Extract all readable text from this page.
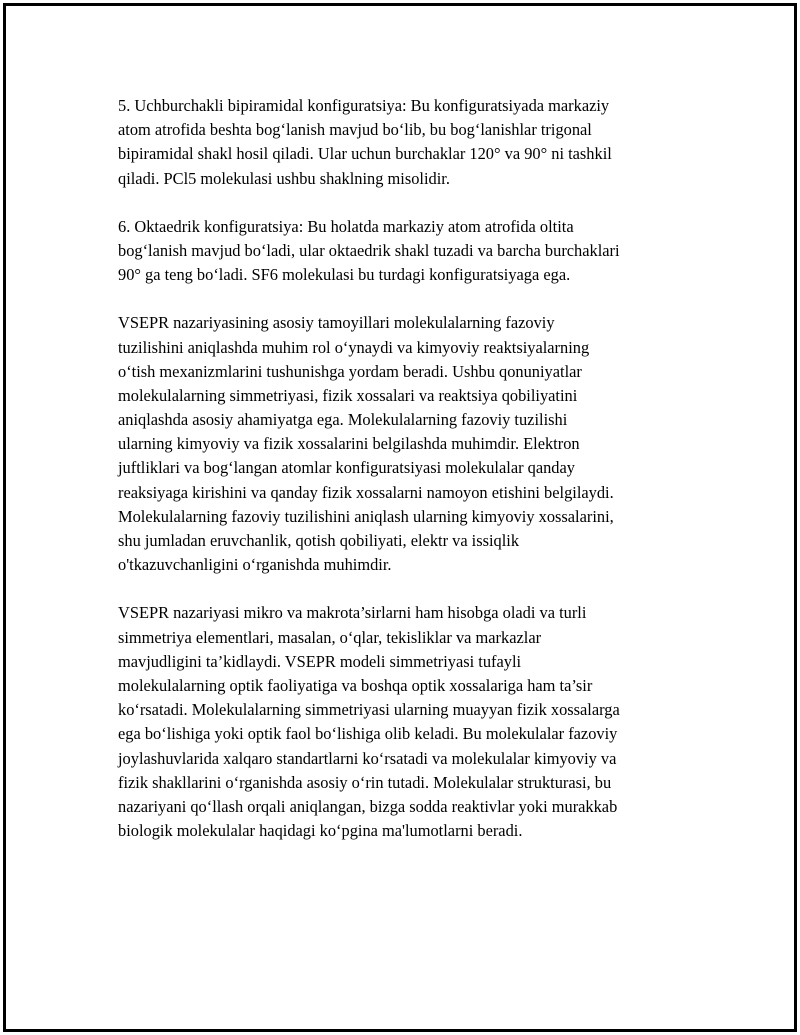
5. Uchburchakli bipiramidal konfiguratsiya: Bu konfiguratsiyada markaziy
atom atrofida beshta bog‘lanish mavjud bo‘lib, bu bog‘lanishlar trigonal
bipiramidal shakl hosil qiladi. Ular uchun burchaklar 120° va 90° ni tashkil
qiladi. PCl5 molekulasi ushbu shaklning misolidir.

6. Oktaedrik konfiguratsiya: Bu holatda markaziy atom atrofida oltita
bog‘lanish mavjud bo‘ladi, ular oktaedrik shakl tuzadi va barcha burchaklari
90° ga teng bo‘ladi. SF6 molekulasi bu turdagi konfiguratsiyaga ega.

VSEPR nazariyasining asosiy tamoyillari molekulalarning fazoviy
tuzilishini aniqlashda muhim rol o‘ynaydi va kimyoviy reaktsiyalarning
o‘tish mexanizmlarini tushunishga yordam beradi. Ushbu qonuniyatlar
molekulalarning simmetriyasi, fizik xossalari va reaktsiya qobiliyatini
aniqlashda asosiy ahamiyatga ega. Molekulalarning fazoviy tuzilishi
ularning kimyoviy va fizik xossalarini belgilashda muhimdir. Elektron
juftliklari va bog‘langan atomlar konfiguratsiyasi molekulalar qanday
reaksiyaga kirishini va qanday fizik xossalarni namoyon etishini belgilaydi.
Molekulalarning fazoviy tuzilishini aniqlash ularning kimyoviy xossalarini,
shu jumladan eruvchanlik, qotish qobiliyati, elektr va issiqlik
o'tkazuvchanligini o‘rganishda muhimdir.

VSEPR nazariyasi mikro va makrota’sirlarni ham hisobga oladi va turli
simmetriya elementlari, masalan, o‘qlar, tekisliklar va markazlar
mavjudligini ta’kidlaydi. VSEPR modeli simmetriyasi tufayli
molekulalarning optik faoliyatiga va boshqa optik xossalariga ham ta’sir
ko‘rsatadi. Molekulalarning simmetriyasi ularning muayyan fizik xossalarga
ega bo‘lishiga yoki optik faol bo‘lishiga olib keladi. Bu molekulalar fazoviy
joylashuvlarida xalqaro standartlarni ko‘rsatadi va molekulalar kimyoviy va
fizik shakllarini o‘rganishda asosiy o‘rin tutadi. Molekulalar strukturasi, bu
nazariyani qo‘llash orqali aniqlangan, bizga sodda reaktivlar yoki murakkab
biologik molekulalar haqidagi ko‘pgina ma'lumotlarni beradi.
